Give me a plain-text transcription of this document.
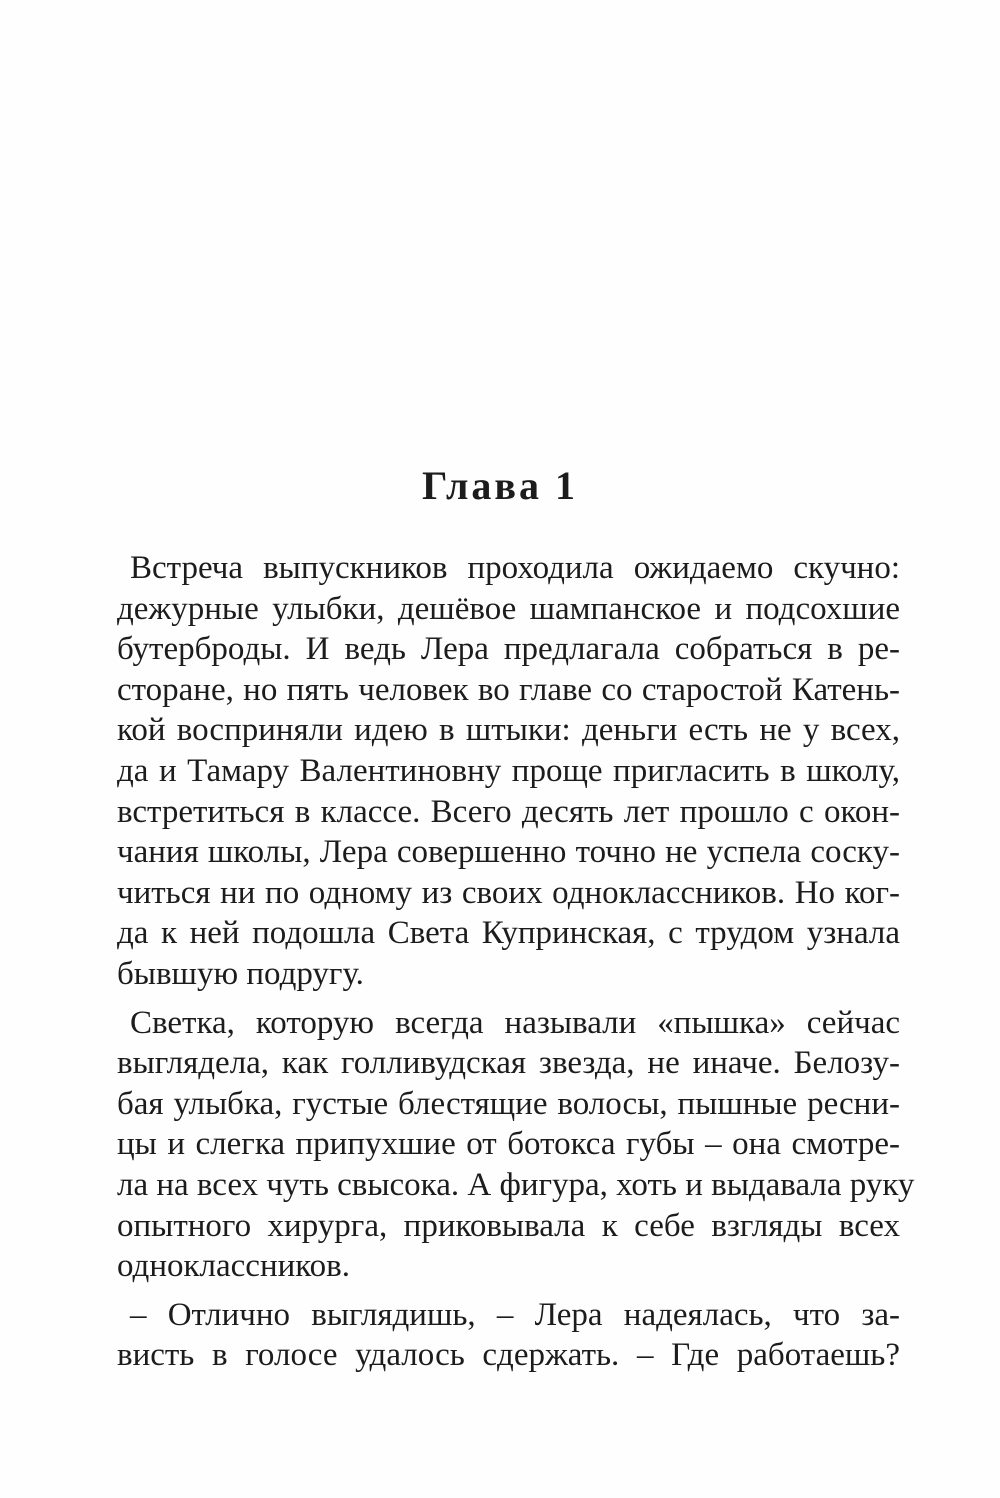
Глава 1
Встреча выпускников проходила ожидаемо скучно:
дежурные улыбки, дешёвое шампанское и подсохшие
бутерброды. И ведь Лера предлагала собраться в ре-
сторане, но пять человек во главе со старостой Катень-
кой восприняли идею в штыки: деньги есть не у всех,
да и Тамару Валентиновну проще пригласить в школу,
встретиться в классе. Всего десять лет прошло с окон-
чания школы, Лера совершенно точно не успела соску-
читься ни по одному из своих одноклассников. Но ког-
да к ней подошла Света Купринская, с трудом узнала
бывшую подругу.
Светка, которую всегда называли «пышка» сейчас
выглядела, как голливудская звезда, не иначе. Белозу-
бая улыбка, густые блестящие волосы, пышные ресни-
цы и слегка припухшие от ботокса губы – она смотре-
ла на всех чуть свысока. А фигура, хоть и выдавала руку
опытного хирурга, приковывала к себе взгляды всех
одноклассников.
– Отлично выглядишь, – Лера надеялась, что за-
висть в голосе удалось сдержать. – Где работаешь?
